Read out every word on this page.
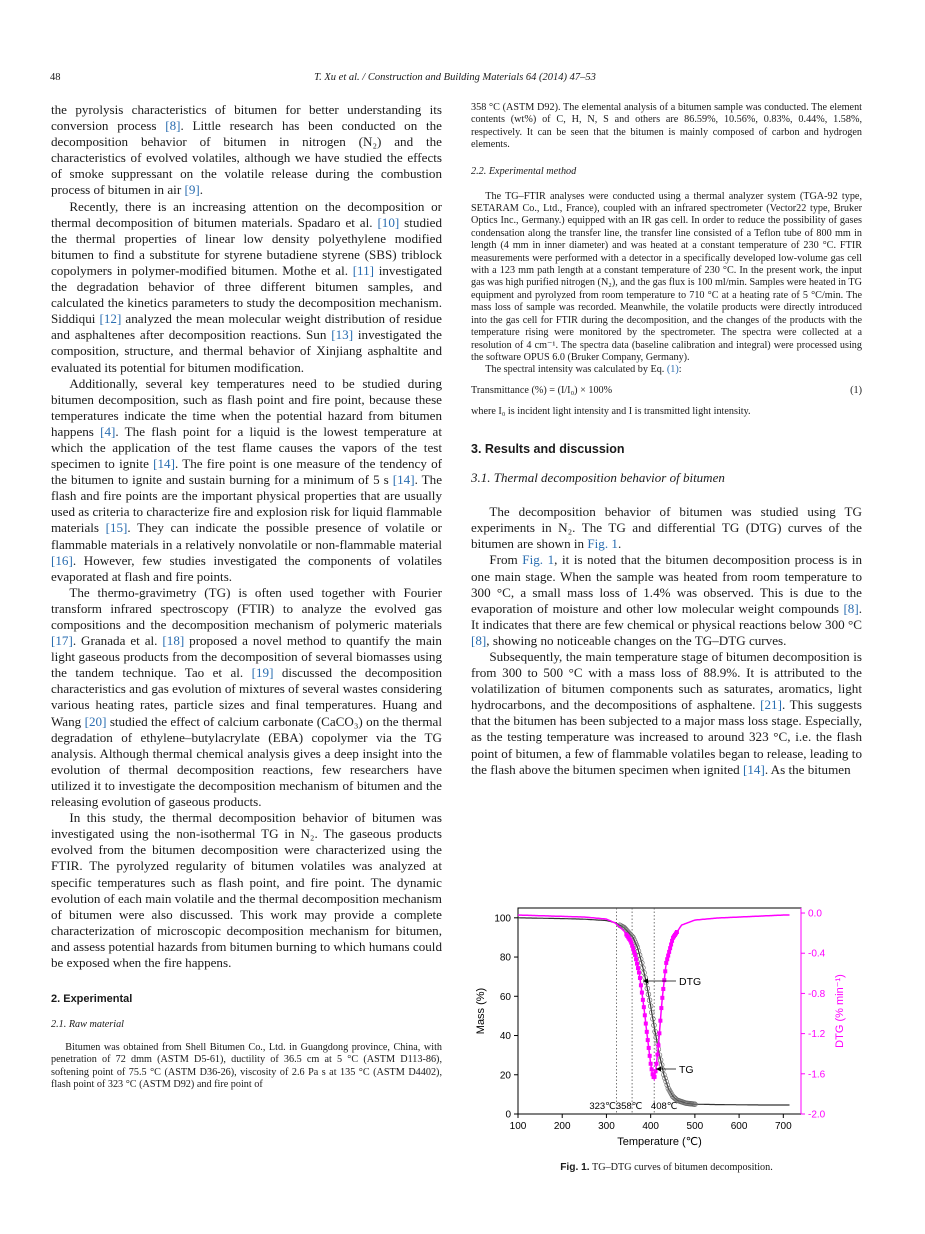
48	T. Xu et al. / Construction and Building Materials 64 (2014) 47–53

the pyrolysis characteristics of bitumen for better understanding its conversion process [8]. Little research has been conducted on the decomposition behavior of bitumen in nitrogen (N₂) and the characteristics of evolved volatiles, although we have studied the effects of smoke suppressant on the volatile release during the combustion process of bitumen in air [9].

Recently, there is an increasing attention on the decomposition or thermal decomposition of bitumen materials. Spadaro et al. [10] studied the thermal properties of linear low density polyethylene modified bitumen to find a substitute for styrene butadiene styrene (SBS) triblock copolymers in polymer-modified bitumen. Mothe et al. [11] investigated the degradation behavior of three different bitumen samples, and calculated the kinetics parameters to study the decomposition mechanism. Siddiqui [12] analyzed the mean molecular weight distribution of residue and asphaltenes after decomposition reactions. Sun [13] investigated the composition, structure, and thermal behavior of Xinjiang asphaltite and evaluated its potential for bitumen modification.

Additionally, several key temperatures need to be studied during bitumen decomposition, such as flash point and fire point, because these temperatures indicate the time when the potential hazard from bitumen happens [4]. The flash point for a liquid is the lowest temperature at which the application of the test flame causes the vapors of the test specimen to ignite [14]. The fire point is one measure of the tendency of the bitumen to ignite and sustain burning for a minimum of 5 s [14]. The flash and fire points are the important physical properties that are usually used as criteria to characterize fire and explosion risk for liquid flammable materials [15]. They can indicate the possible presence of volatile or flammable materials in a relatively nonvolatile or non-flammable material [16]. However, few studies investigated the components of volatiles evaporated at flash and fire points.

The thermo-gravimetry (TG) is often used together with Fourier transform infrared spectroscopy (FTIR) to analyze the evolved gas compositions and the decomposition mechanism of polymeric materials [17]. Granada et al. [18] proposed a novel method to quantify the main light gaseous products from the decomposition of several biomasses using the tandem technique. Tao et al. [19] discussed the decomposition characteristics and gas evolution of mixtures of several wastes considering various heating rates, particle sizes and final temperatures. Huang and Wang [20] studied the effect of calcium carbonate (CaCO₃) on the thermal degradation of ethylene–butylacrylate (EBA) copolymer via the TG analysis. Although thermal chemical analysis gives a deep insight into the evolution of thermal decomposition reactions, few researchers have utilized it to investigate the decomposition mechanism of bitumen and the releasing evolution of gaseous products.

In this study, the thermal decomposition behavior of bitumen was investigated using the non-isothermal TG in N₂. The gaseous products evolved from the bitumen decomposition were characterized using the FTIR. The pyrolyzed regularity of bitumen volatiles was analyzed at specific temperatures such as flash point, and fire point. The dynamic evolution of each main volatile and the thermal decomposition mechanism of bitumen were also discussed. This work may provide a complete characterization of microscopic decomposition mechanism for bitumen, and assess potential hazards from bitumen burning to which humans could be exposed when the fire happens.

2. Experimental
2.1. Raw material

Bitumen was obtained from Shell Bitumen Co., Ltd. in Guangdong province, China, with penetration of 72 dmm (ASTM D5-61), ductility of 36.5 cm at 5 °C (ASTM D113-86), softening point of 75.5 °C (ASTM D36-26), viscosity of 2.6 Pa s at 135 °C (ASTM D4402), flash point of 323 °C (ASTM D92) and fire point of

358 °C (ASTM D92). The elemental analysis of a bitumen sample was conducted. The element contents (wt%) of C, H, N, S and others are 86.59%, 10.56%, 0.83%, 0.44%, 1.58%, respectively. It can be seen that the bitumen is mainly composed of carbon and hydrogen elements.

2.2. Experimental method

The TG–FTIR analyses were conducted using a thermal analyzer system (TGA-92 type, SETARAM Co., Ltd., France), coupled with an infrared spectrometer (Vector22 type, Bruker Optics Inc., Germany.) equipped with an IR gas cell. In order to reduce the possibility of gases condensation along the transfer line, the transfer line consisted of a Teflon tube of 800 mm in length (4 mm in inner diameter) and was heated at a constant temperature of 230 °C. FTIR measurements were performed with a detector in a specifically developed low-volume gas cell with a 123 mm path length at a constant temperature of 230 °C. In the present work, the input gas was high purified nitrogen (N₂), and the gas flux is 100 ml/min. Samples were heated in TG equipment and pyrolyzed from room temperature to 710 °C at a heating rate of 5 °C/min. The mass loss of sample was recorded. Meanwhile, the volatile products were directly introduced into the gas cell for FTIR during the decomposition, and the changes of the products with the temperature rising were monitored by the spectrometer. The spectra were collected at a resolution of 4 cm⁻¹. The spectra data (baseline calibration and integral) were processed using the software OPUS 6.0 (Bruker Company, Germany).

The spectral intensity was calculated by Eq. (1):

Transmittance (%) = (I/I₀) × 100%	(1)

where I₀ is incident light intensity and I is transmitted light intensity.

3. Results and discussion
3.1. Thermal decomposition behavior of bitumen

The decomposition behavior of bitumen was studied using TG experiments in N₂. The TG and differential TG (DTG) curves of the bitumen are shown in Fig. 1.

From Fig. 1, it is noted that the bitumen decomposition process is in one main stage. When the sample was heated from room temperature to 300 °C, a small mass loss of 1.4% was observed. This is due to the evaporation of moisture and other low molecular weight compounds [8]. It indicates that there are few chemical or physical reactions below 300 °C [8], showing no noticeable changes on the TG–DTG curves.

Subsequently, the main temperature stage of bitumen decomposition is from 300 to 500 °C with a mass loss of 88.9%. It is attributed to the volatilization of bitumen components such as saturates, aromatics, light hydrocarbons, and the decompositions of asphaltene. [21]. This suggests that the bitumen has been subjected to a major mass loss stage. Especially, as the testing temperature was increased to around 323 °C, i.e. the flash point of bitumen, a few of flammable volatiles began to release, leading to the flash above the bitumen specimen when ignited [14]. As the bitumen

100	200	300	400	500	600	700
0
20
40
60
80
100	0.0
-0.4
-0.8
-1.2
-1.6
-2.0
Temperature (℃)
Mass (%)	DTG (% min⁻¹)
323℃ 358℃ 408℃
DTG
TG
Fig. 1. TG–DTG curves of bitumen decomposition.
